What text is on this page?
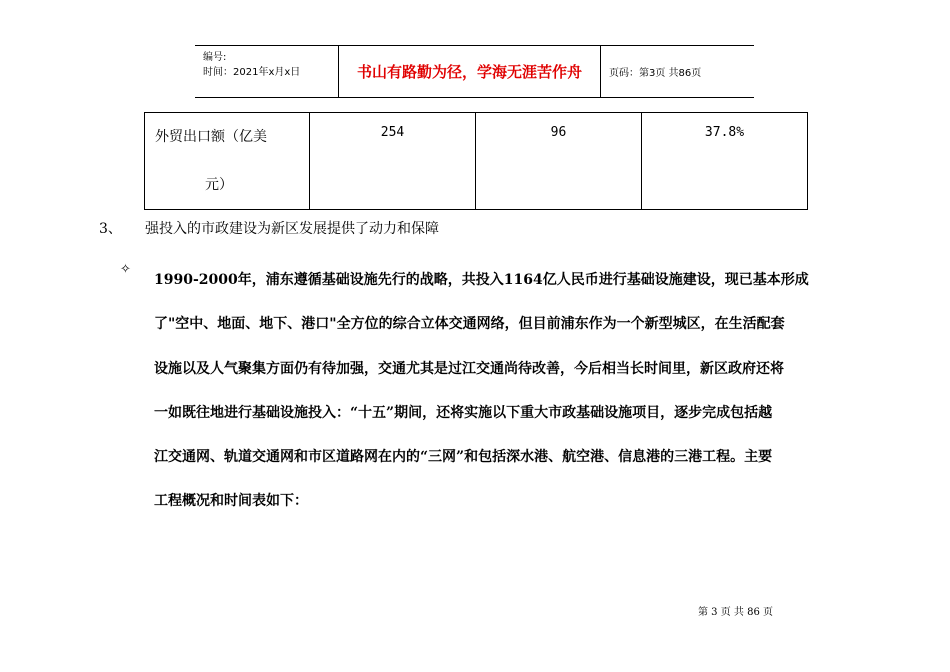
编号:
时间：2021年x月x日	书山有路勤为径，学海无涯苦作舟	页码：第3页 共86页
外贸出口额（亿美
元）
	254	96	37.8%
3、 强投入的市政建设为新区发展提供了动力和保障
✧
1990-2000年，浦东遵循基础设施先行的战略，共投入1164亿人民币进行基础设施建设，现已基本形成
了"空中、地面、地下、港口"全方位的综合立体交通网络，但目前浦东作为一个新型城区，在生活配套
设施以及人气聚集方面仍有待加强，交通尤其是过江交通尚待改善，今后相当长时间里，新区政府还将
一如既往地进行基础设施投入：“十五”期间，还将实施以下重大市政基础设施项目，逐步完成包括越
江交通网、轨道交通网和市区道路网在内的“三网”和包括深水港、航空港、信息港的三港工程。主要
工程概况和时间表如下：
第 3 页 共 86 页
